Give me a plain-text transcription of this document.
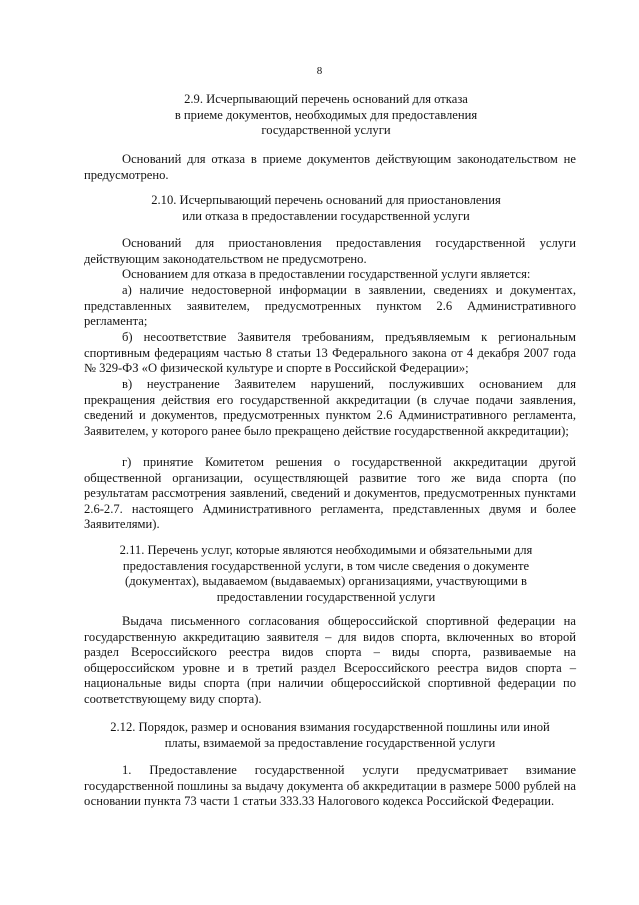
8
2.9. Исчерпывающий перечень оснований для отказа
в приеме документов, необходимых для предоставления
государственной услуги
Оснований для отказа в приеме документов действующим законодательством не предусмотрено.
2.10. Исчерпывающий перечень оснований для приостановления
или отказа в предоставлении государственной услуги
Оснований для приостановления предоставления государственной услуги действующим законодательством не предусмотрено.
Основанием для отказа в предоставлении государственной услуги является:
а) наличие недостоверной информации в заявлении, сведениях и документах, представленных заявителем, предусмотренных пунктом 2.6 Административного регламента;
б) несоответствие Заявителя требованиям, предъявляемым к региональным спортивным федерациям частью 8 статьи 13 Федерального закона от 4 декабря 2007 года № 329-ФЗ «О физической культуре и спорте в Российской Федерации»;
в) неустранение Заявителем нарушений, послуживших основанием для прекращения действия его государственной аккредитации (в случае подачи заявления, сведений и документов, предусмотренных пунктом 2.6 Административного регламента, Заявителем, у которого ранее было прекращено действие государственной аккредитации);
г) принятие Комитетом решения о государственной аккредитации другой общественной организации, осуществляющей развитие того же вида спорта (по результатам рассмотрения заявлений, сведений и документов, предусмотренных пунктами 2.6-2.7. настоящего Административного регламента, представленных двумя и более Заявителями).
2.11. Перечень услуг, которые являются необходимыми и обязательными для
предоставления государственной услуги, в том числе сведения о документе
(документах), выдаваемом (выдаваемых) организациями, участвующими в
предоставлении государственной услуги
Выдача письменного согласования общероссийской спортивной федерации на государственную аккредитацию заявителя – для видов спорта, включенных во второй раздел Всероссийского реестра видов спорта – виды спорта, развиваемые на общероссийском уровне и в третий раздел Всероссийского реестра видов спорта – национальные виды спорта (при наличии общероссийской спортивной федерации по соответствующему виду спорта).
2.12. Порядок, размер и основания взимания государственной пошлины или иной
платы, взимаемой за предоставление государственной услуги
1. Предоставление государственной услуги предусматривает взимание государственной пошлины за выдачу документа об аккредитации в размере 5000 рублей на основании пункта 73 части 1 статьи 333.33 Налогового кодекса Российской Федерации.
